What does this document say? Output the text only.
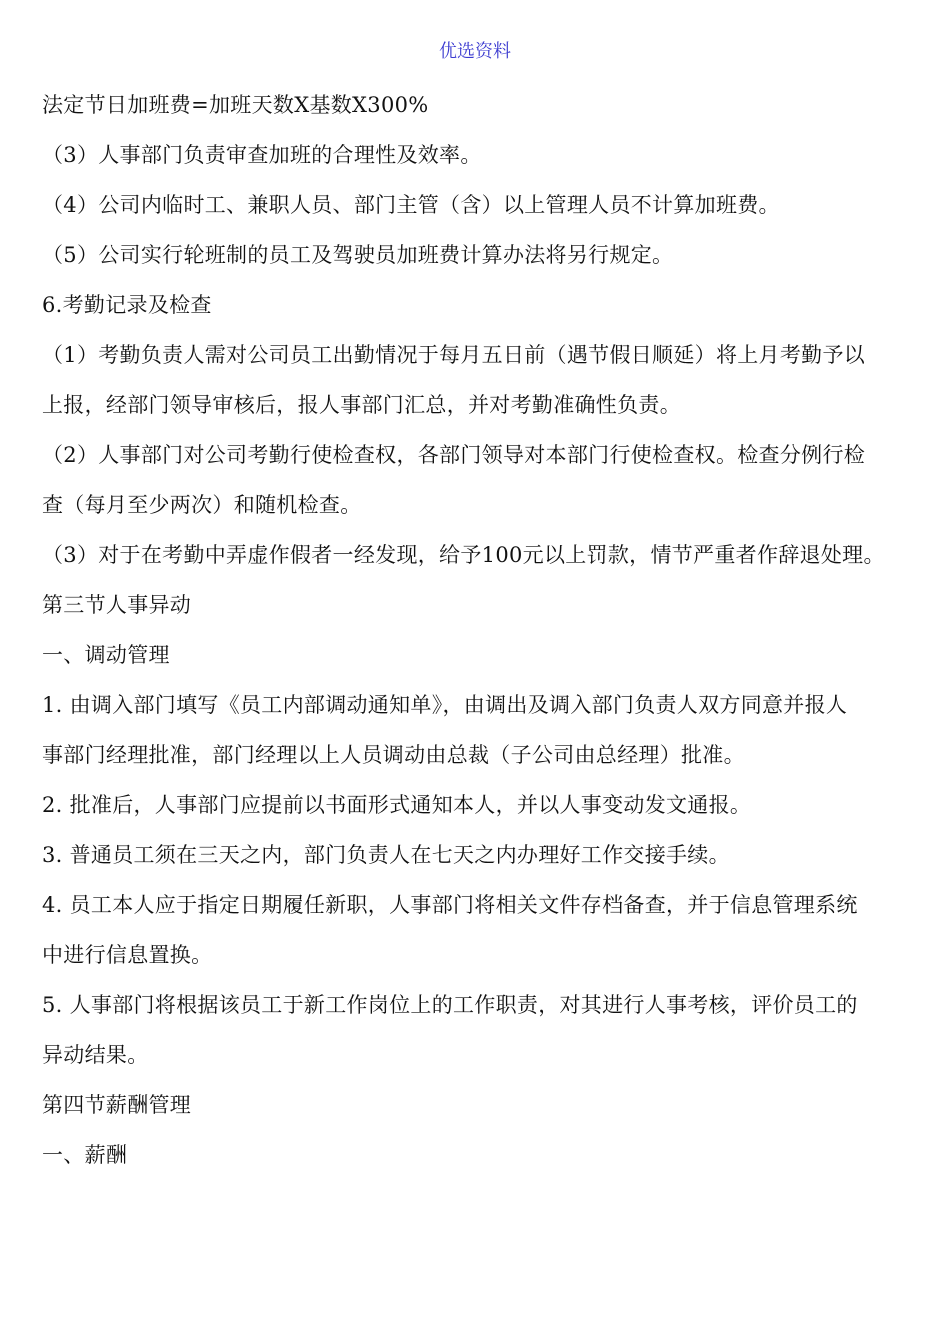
优选资料
法定节日加班费=加班天数X基数X300%
（3）人事部门负责审查加班的合理性及效率。
（4）公司内临时工、兼职人员、部门主管（含）以上管理人员不计算加班费。
（5）公司实行轮班制的员工及驾驶员加班费计算办法将另行规定。
6.考勤记录及检查
（1）考勤负责人需对公司员工出勤情况于每月五日前（遇节假日顺延）将上月考勤予以
上报，经部门领导审核后，报人事部门汇总，并对考勤准确性负责。
（2）人事部门对公司考勤行使检查权，各部门领导对本部门行使检查权。检查分例行检
查（每月至少两次）和随机检查。
（3）对于在考勤中弄虚作假者一经发现，给予100元以上罚款，情节严重者作辞退处理。
第三节人事异动
一、调动管理
1. 由调入部门填写《员工内部调动通知单》，由调出及调入部门负责人双方同意并报人
事部门经理批准，部门经理以上人员调动由总裁（子公司由总经理）批准。
2. 批准后，人事部门应提前以书面形式通知本人，并以人事变动发文通报。
3. 普通员工须在三天之内，部门负责人在七天之内办理好工作交接手续。
4. 员工本人应于指定日期履任新职，人事部门将相关文件存档备查，并于信息管理系统
中进行信息置换。
5. 人事部门将根据该员工于新工作岗位上的工作职责，对其进行人事考核，评价员工的
异动结果。
第四节薪酬管理
一、薪酬
